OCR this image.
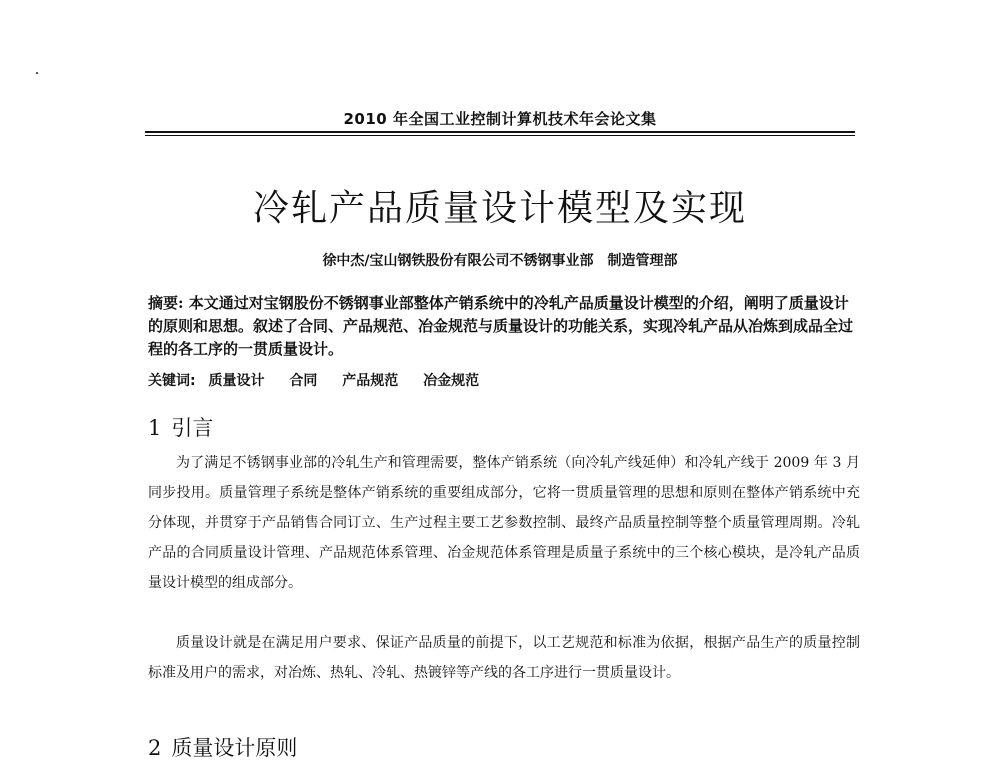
2010 年全国工业控制计算机技术年会论文集
冷轧产品质量设计模型及实现
徐中杰/宝山钢铁股份有限公司不锈钢事业部　制造管理部
摘要: 本文通过对宝钢股份不锈钢事业部整体产销系统中的冷轧产品质量设计模型的介绍，阐明了质量设计的原则和思想。叙述了合同、产品规范、冶金规范与质量设计的功能关系，实现冷轧产品从冶炼到成品全过程的各工序的一贯质量设计。
关键词: 质量设计 合同 产品规范 冶金规范
1 引言
为了满足不锈钢事业部的冷轧生产和管理需要，整体产销系统（向冷轧产线延伸）和冷轧产线于 2009 年 3 月同步投用。质量管理子系统是整体产销系统的重要组成部分，它将一贯质量管理的思想和原则在整体产销系统中充分体现，并贯穿于产品销售合同订立、生产过程主要工艺参数控制、最终产品质量控制等整个质量管理周期。冷轧产品的合同质量设计管理、产品规范体系管理、冶金规范体系管理是质量子系统中的三个核心模块，是冷轧产品质量设计模型的组成部分。
质量设计就是在满足用户要求、保证产品质量的前提下，以工艺规范和标准为依据，根据产品生产的质量控制标准及用户的需求，对冶炼、热轧、冷轧、热镀锌等产线的各工序进行一贯质量设计。
2 质量设计原则
